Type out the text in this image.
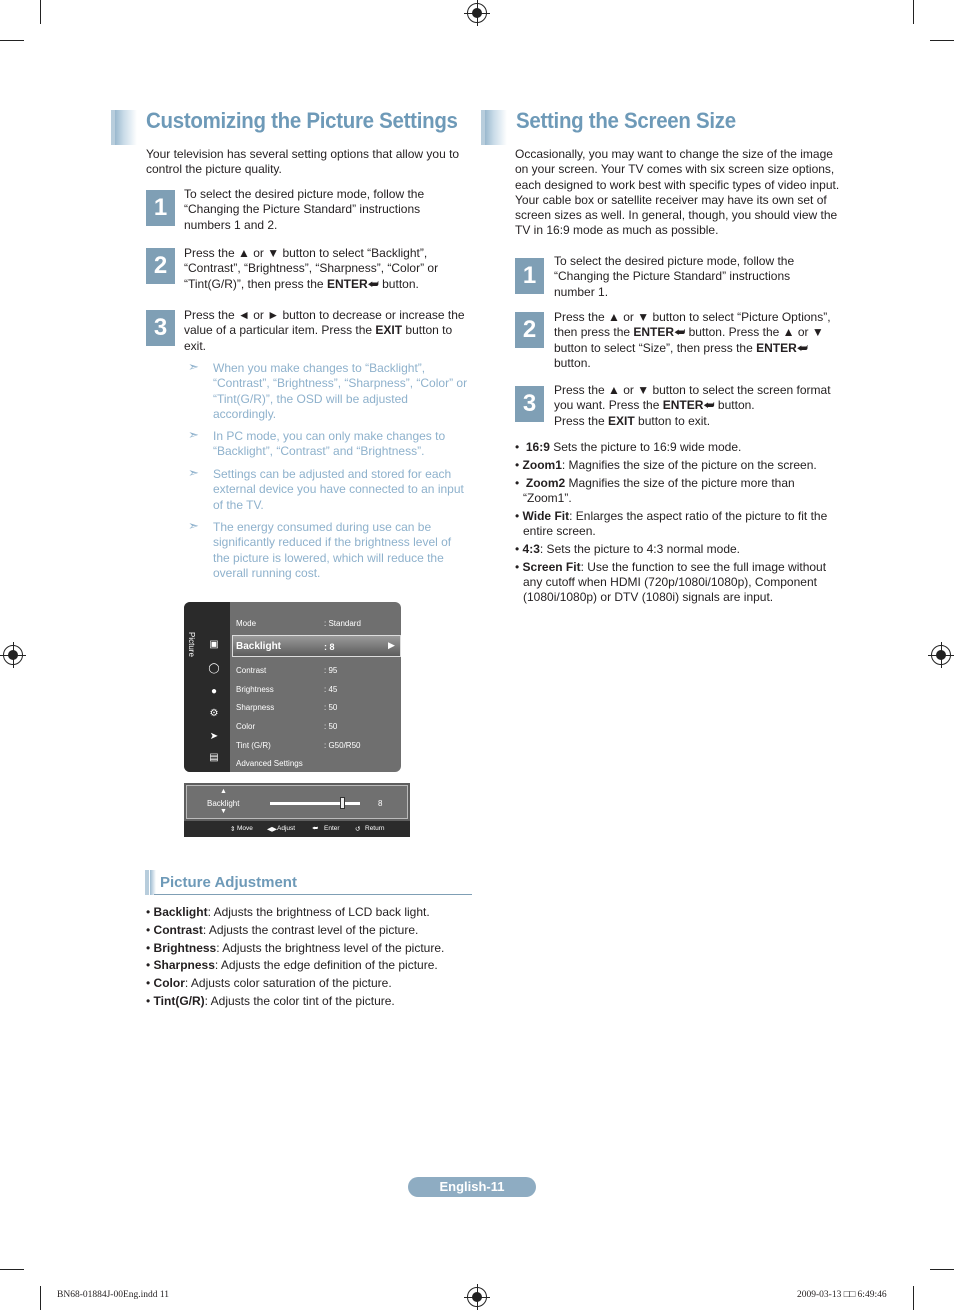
Customizing the Picture Settings
Your television has several setting options that allow you to control the picture quality.
1	To select the desired picture mode, follow the “Changing the Picture Standard” instructions numbers 1 and 2.
2	Press the ▲ or ▼ button to select “Backlight”, “Contrast”, “Brightness”, “Sharpness”, “Color” or “Tint(G/R)”, then press the ENTER⮨ button.
3	Press the ◄ or ► button to decrease or increase the value of a particular item. Press the EXIT button to exit.
➣ When you make changes to “Backlight”, “Contrast”, “Brightness”, “Sharpness”, “Color” or “Tint(G/R)”, the OSD will be adjusted accordingly.
➣ In PC mode, you can only make changes to “Backlight”, “Contrast” and “Brightness”.
➣ Settings can be adjusted and stored for each external device you have connected to an input of the TV.
➣ The energy consumed during use can be significantly reduced if the brightness level of the picture is lowered, which will reduce the overall running cost.
Picture ▣
◯
●
⚙
➤
▤
▶
Mode	: Standard
Backlight	: 8
Contrast	: 95
Brightness	: 45
Sharpness	: 50
Color	: 50
Tint (G/R)	: G50/R50
Advanced Settings
▲
Backlight
▼
8
⇕ Move ◀▶ Adjust	⮨ Enter ↺ Return
Picture Adjustment
• Backlight: Adjusts the brightness of LCD back light.
• Contrast: Adjusts the contrast level of the picture.
• Brightness: Adjusts the brightness level of the picture.
• Sharpness: Adjusts the edge definition of the picture.
• Color: Adjusts color saturation of the picture.
• Tint(G/R): Adjusts the color tint of the picture.
Setting the Screen Size
Occasionally, you may want to change the size of the image on your screen. Your TV comes with six screen size options, each designed to work best with specific types of video input. Your cable box or satellite receiver may have its own set of screen sizes as well. In general, though, you should view the TV in 16:9 mode as much as possible.
1
To select the desired picture mode, follow the “Changing the Picture Standard” instructions number 1.
2	Press the ▲ or ▼ button to select “Picture Options”, then press the ENTER⮨ button. Press the ▲ or ▼ button to select “Size”, then press the ENTER⮨ button.
3	Press the ▲ or ▼ button to select the screen format you want. Press the ENTER⮨ button.
Press the EXIT button to exit.
•  16:9 Sets the picture to 16:9 wide mode.
• Zoom1: Magnifies the size of the picture on the screen.
•  Zoom2 Magnifies the size of the picture more than “Zoom1”.
• Wide Fit: Enlarges the aspect ratio of the picture to fit the entire screen.
• 4:3: Sets the picture to 4:3 normal mode.
• Screen Fit: Use the function to see the full image without any cutoff when HDMI (720p/1080i/1080p), Component (1080i/1080p) or DTV (1080i) signals are input.
English-11
BN68-01884J-00Eng.indd 11	2009-03-13 □□ 6:49:46
